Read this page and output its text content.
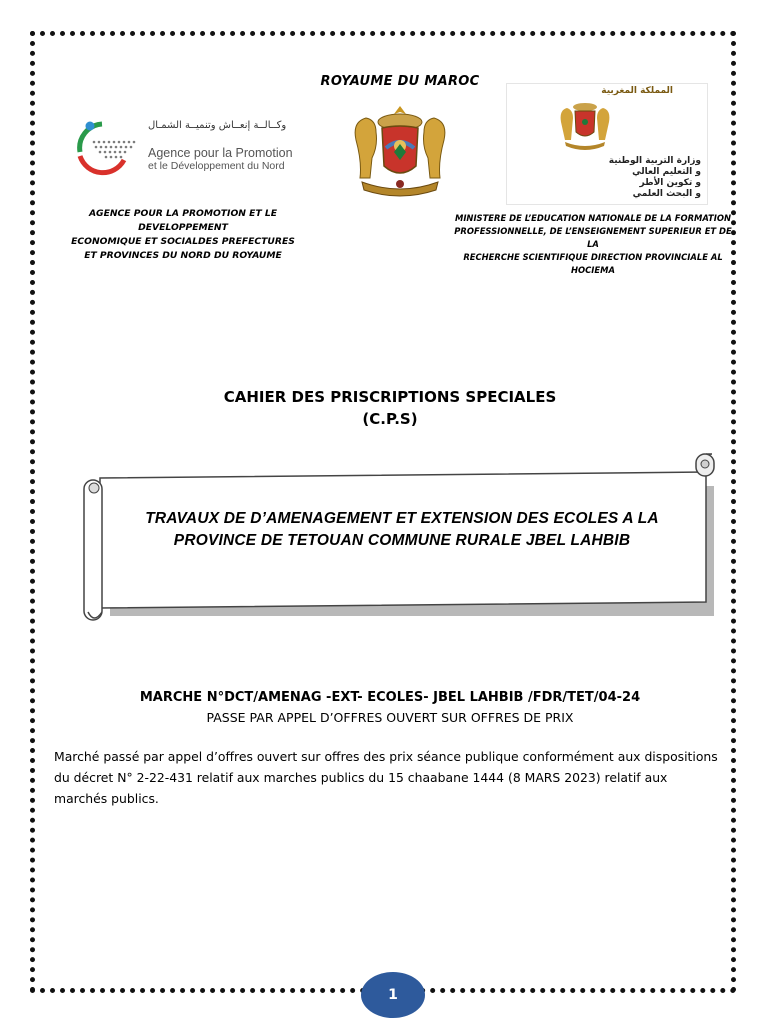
ROYAUME DU MAROC
وكــالــة إنعــاش وتنميــة الشمـال
Agence pour la Promotion
et le Développement du Nord
AGENCE POUR LA PROMOTION ET LE DEVELOPPEMENT
ECONOMIQUE ET SOCIALDES PREFECTURES
ET PROVINCES DU NORD DU ROYAUME
المملكة المغربية
وزارة التربية الوطنية
و التعليم العالي
و تكوين الأطر
و البحث العلمي
MINISTERE DE L’EDUCATION NATIONALE DE LA FORMATION
PROFESSIONNELLE, DE L’ENSEIGNEMENT SUPERIEUR ET DE LA
RECHERCHE SCIENTIFIQUE DIRECTION PROVINCIALE AL HOCIEMA
CAHIER DES PRISCRIPTIONS SPECIALES
(C.P.S)
TRAVAUX DE D’AMENAGEMENT ET EXTENSION DES ECOLES A LA
PROVINCE DE TETOUAN COMMUNE RURALE JBEL LAHBIB
MARCHE N°DCT/AMENAG -EXT- ECOLES- JBEL LAHBIB /FDR/TET/04-24
PASSE PAR APPEL D’OFFRES OUVERT SUR OFFRES DE PRIX
Marché passé par appel d’offres ouvert sur offres des prix séance publique conformément aux dispositions du décret N° 2-22-431 relatif aux marches publics du 15 chaabane 1444 (8 MARS 2023) relatif aux marchés publics.
1
